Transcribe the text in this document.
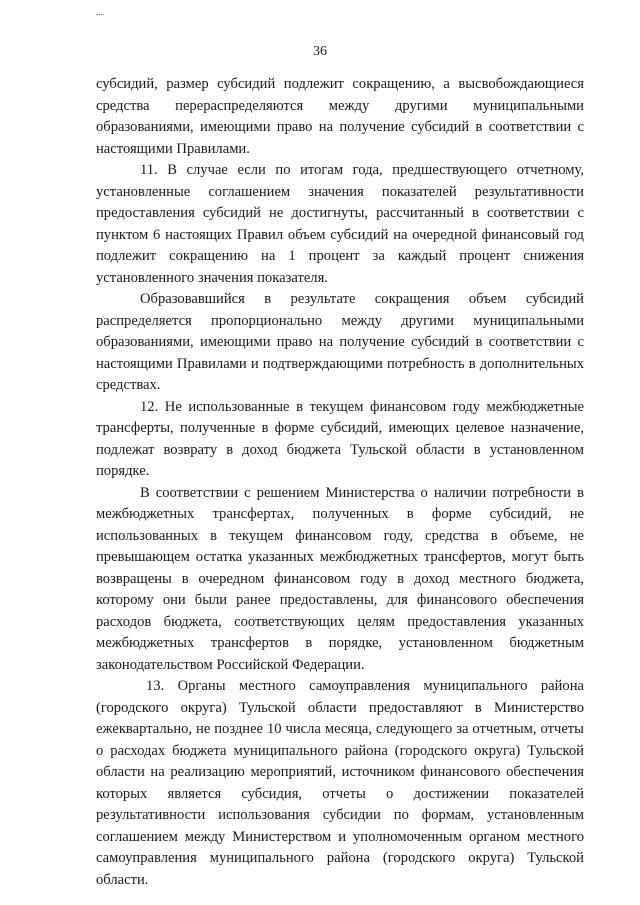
36

субсидий, размер субсидий подлежит сокращению, а высвобождающиеся средства перераспределяются между другими муниципальными образованиями, имеющими право на получение субсидий в соответствии с настоящими Правилами.

11. В случае если по итогам года, предшествующего отчетному, установленные соглашением значения показателей результативности предоставления субсидий не достигнуты, рассчитанный в соответствии с пунктом 6 настоящих Правил объем субсидий на очередной финансовый год подлежит сокращению на 1 процент за каждый процент снижения установленного значения показателя.

Образовавшийся в результате сокращения объем субсидий распределяется пропорционально между другими муниципальными образованиями, имеющими право на получение субсидий в соответствии с настоящими Правилами и подтверждающими потребность в дополнительных средствах.

12. Не использованные в текущем финансовом году межбюджетные трансферты, полученные в форме субсидий, имеющих целевое назначение, подлежат возврату в доход бюджета Тульской области в установленном порядке.

В соответствии с решением Министерства о наличии потребности в межбюджетных трансфертах, полученных в форме субсидий, не использованных в текущем финансовом году, средства в объеме, не превышающем остатка указанных межбюджетных трансфертов, могут быть возвращены в очередном финансовом году в доход местного бюджета, которому они были ранее предоставлены, для финансового обеспечения расходов бюджета, соответствующих целям предоставления указанных межбюджетных трансфертов в порядке, установленном бюджетным законодательством Российской Федерации.

13. Органы местного самоуправления муниципального района (городского округа) Тульской области предоставляют в Министерство ежеквартально, не позднее 10 числа месяца, следующего за отчетным, отчеты о расходах бюджета муниципального района (городского округа) Тульской области на реализацию мероприятий, источником финансового обеспечения которых является субсидия, отчеты о достижении показателей результативности использования субсидии по формам, установленным соглашением между Министерством и уполномоченным органом местного самоуправления муниципального района (городского округа) Тульской области.
